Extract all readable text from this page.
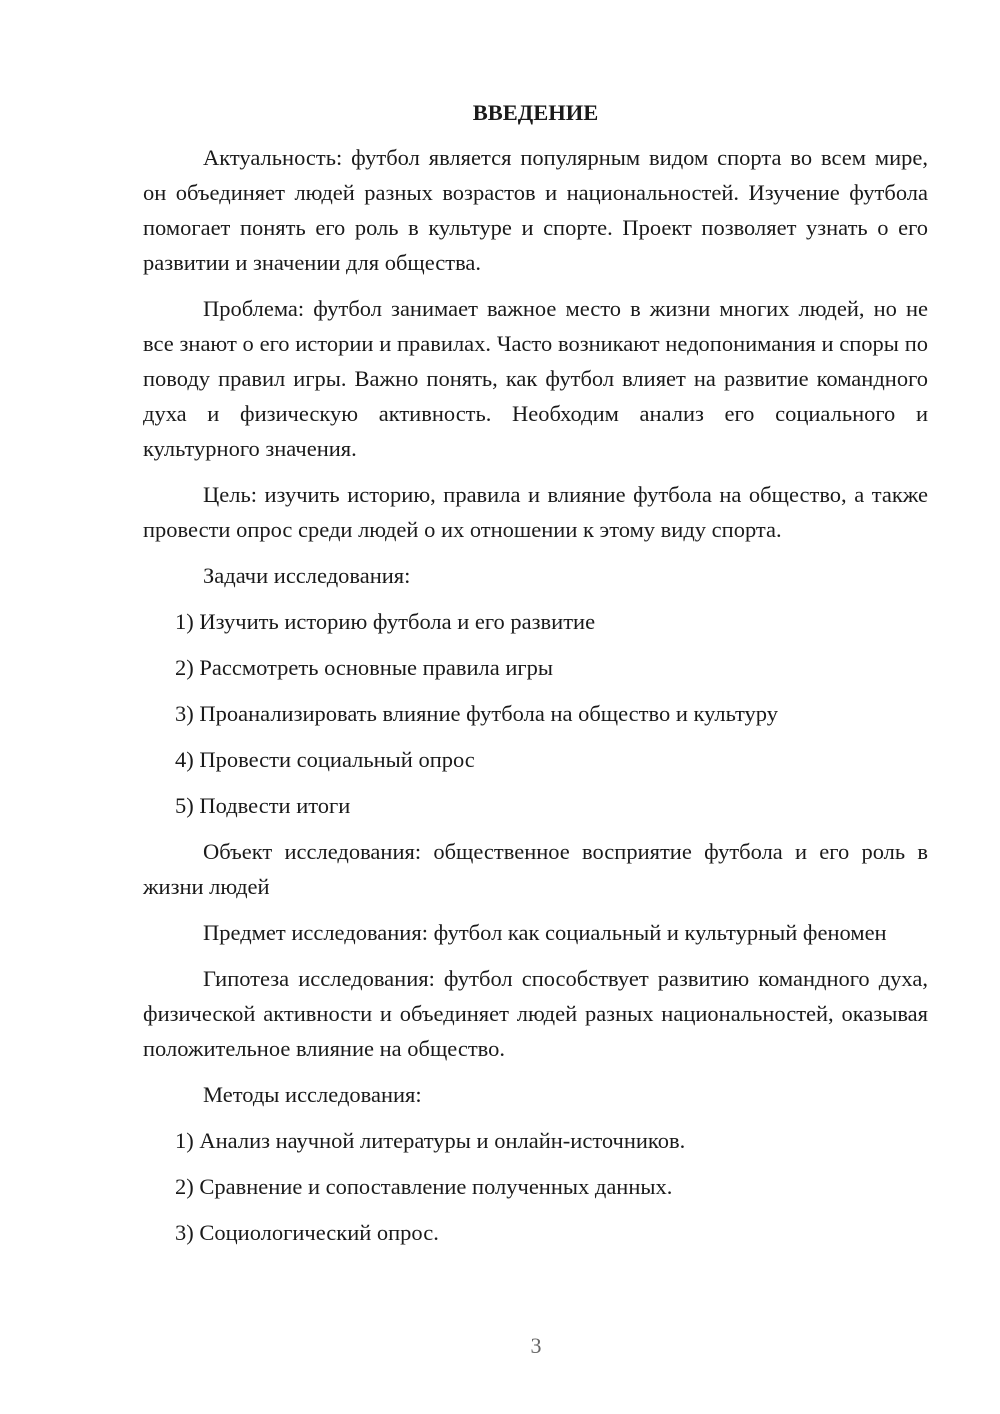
ВВЕДЕНИЕ

Актуальность: футбол является популярным видом спорта во всем мире, он объединяет людей разных возрастов и национальностей. Изучение футбола помогает понять его роль в культуре и спорте. Проект позволяет узнать о его развитии и значении для общества.

Проблема: футбол занимает важное место в жизни многих людей, но не все знают о его истории и правилах. Часто возникают недопонимания и споры по поводу правил игры. Важно понять, как футбол влияет на развитие командного духа и физическую активность. Необходим анализ его социального и культурного значения.

Цель: изучить историю, правила и влияние футбола на общество, а также провести опрос среди людей о их отношении к этому виду спорта.

Задачи исследования:

1) Изучить историю футбола и его развитие

2) Рассмотреть основные правила игры

3) Проанализировать влияние футбола на общество и культуру

4) Провести социальный опрос

5) Подвести итоги

Объект исследования: общественное восприятие футбола и его роль в жизни людей

Предмет исследования: футбол как социальный и культурный феномен

Гипотеза исследования: футбол способствует развитию командного духа, физической активности и объединяет людей разных национальностей, оказывая положительное влияние на общество.

Методы исследования:

1) Анализ научной литературы и онлайн-источников.

2) Сравнение и сопоставление полученных данных.

3) Социологический опрос.

3
